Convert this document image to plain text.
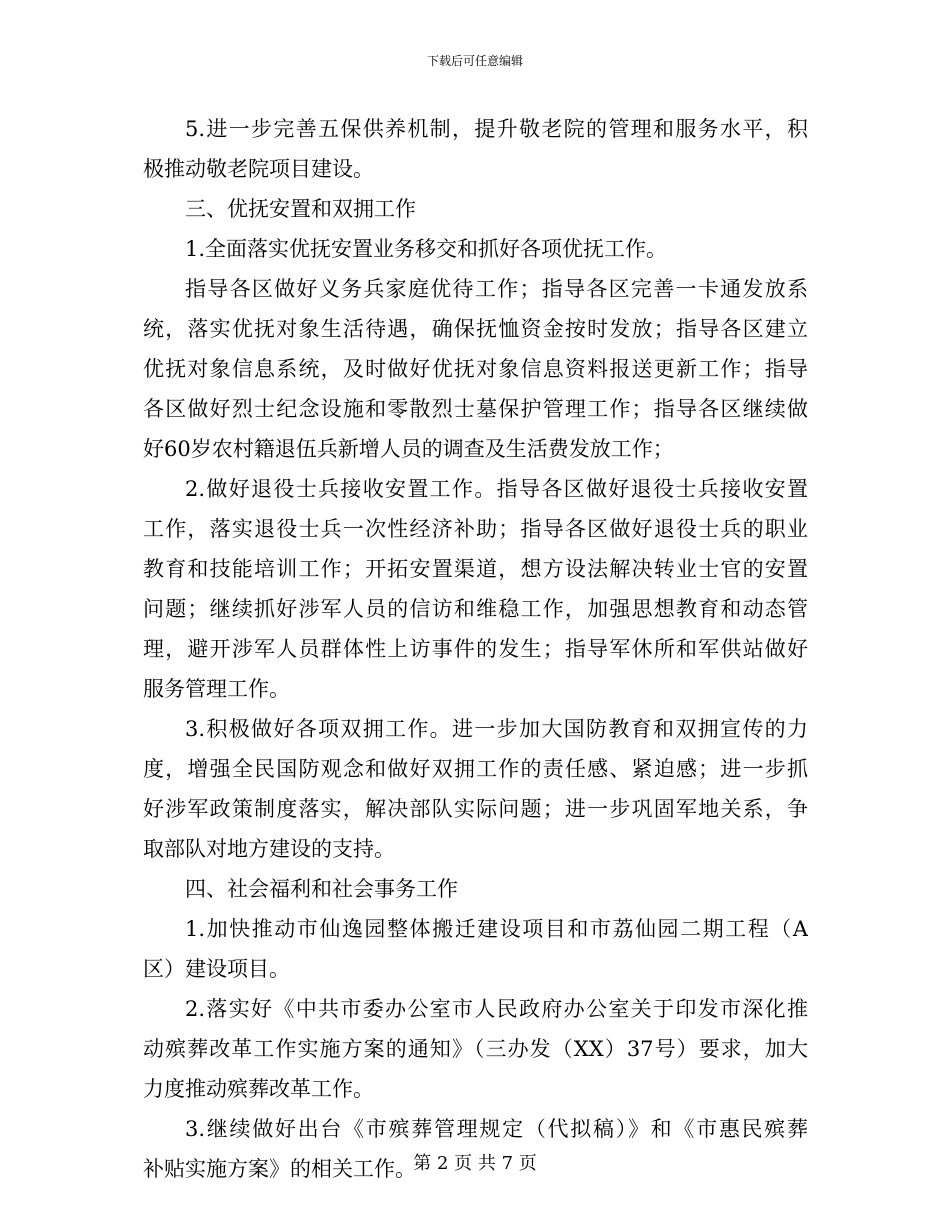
下载后可任意编辑
5.进一步完善五保供养机制，提升敬老院的管理和服务水平，积
极推动敬老院项目建设。
三、优抚安置和双拥工作
1.全面落实优抚安置业务移交和抓好各项优抚工作。
指导各区做好义务兵家庭优待工作；指导各区完善一卡通发放系
统，落实优抚对象生活待遇，确保抚恤资金按时发放；指导各区建立
优抚对象信息系统，及时做好优抚对象信息资料报送更新工作；指导
各区做好烈士纪念设施和零散烈士墓保护管理工作；指导各区继续做
好60岁农村籍退伍兵新增人员的调查及生活费发放工作；
2.做好退役士兵接收安置工作。指导各区做好退役士兵接收安置
工作，落实退役士兵一次性经济补助；指导各区做好退役士兵的职业
教育和技能培训工作；开拓安置渠道，想方设法解决转业士官的安置
问题；继续抓好涉军人员的信访和维稳工作，加强思想教育和动态管
理，避开涉军人员群体性上访事件的发生；指导军休所和军供站做好
服务管理工作。
3.积极做好各项双拥工作。进一步加大国防教育和双拥宣传的力
度，增强全民国防观念和做好双拥工作的责任感、紧迫感；进一步抓
好涉军政策制度落实，解决部队实际问题；进一步巩固军地关系，争
取部队对地方建设的支持。
四、社会福利和社会事务工作
1.加快推动市仙逸园整体搬迁建设项目和市荔仙园二期工程（A
区）建设项目。
2.落实好《中共市委办公室市人民政府办公室关于印发市深化推
动殡葬改革工作实施方案的通知》（三办发（XX）37号）要求，加大
力度推动殡葬改革工作。
3.继续做好出台《市殡葬管理规定（代拟稿）》和《市惠民殡葬
补贴实施方案》的相关工作。
第 2 页 共 7 页
